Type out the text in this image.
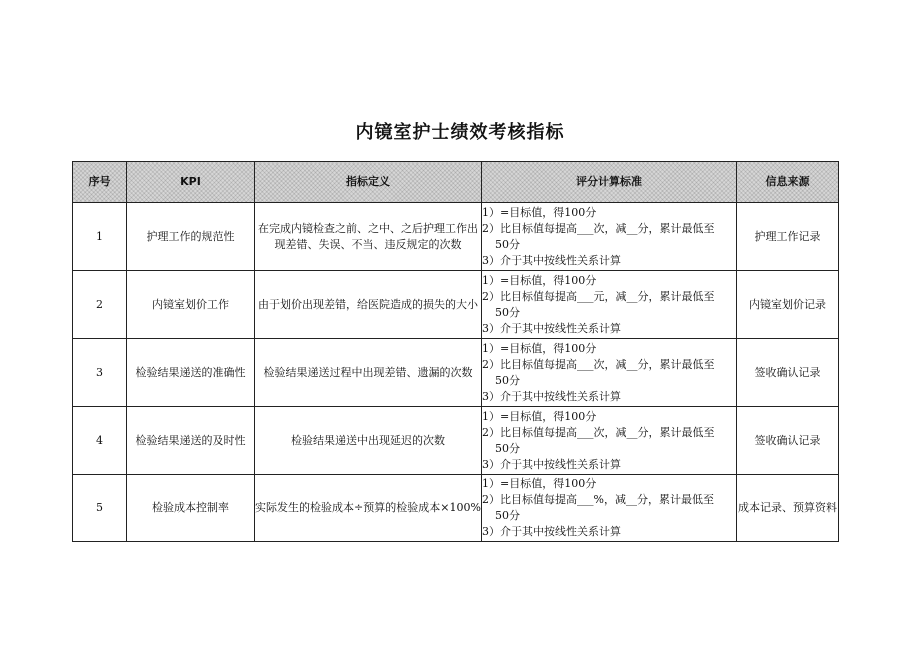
内镜室护士绩效考核指标
序号	KPI	指标定义	评分计算标准	信息来源
1	护理工作的规范性	在完成内镜检查之前、之中、之后护理工作出现差错、失误、不当、违反规定的次数	1）=目标值，得100分
2）比目标值每提高___次，减__分，累计最低至
50分
3）介于其中按线性关系计算	护理工作记录
2	内镜室划价工作	由于划价出现差错，给医院造成的损失的大小	1）=目标值，得100分
2）比目标值每提高___元，减__分，累计最低至
50分
3）介于其中按线性关系计算	内镜室划价记录
3	检验结果递送的准确性	检验结果递送过程中出现差错、遗漏的次数	1）=目标值，得100分
2）比目标值每提高___次，减__分，累计最低至
50分
3）介于其中按线性关系计算	签收确认记录
4	检验结果递送的及时性	检验结果递送中出现延迟的次数	1）=目标值，得100分
2）比目标值每提高___次，减__分，累计最低至
50分
3）介于其中按线性关系计算	签收确认记录
5	检验成本控制率	实际发生的检验成本÷预算的检验成本×100%	1）=目标值，得100分
2）比目标值每提高___%，减__分，累计最低至
50分
3）介于其中按线性关系计算	成本记录、预算资料
